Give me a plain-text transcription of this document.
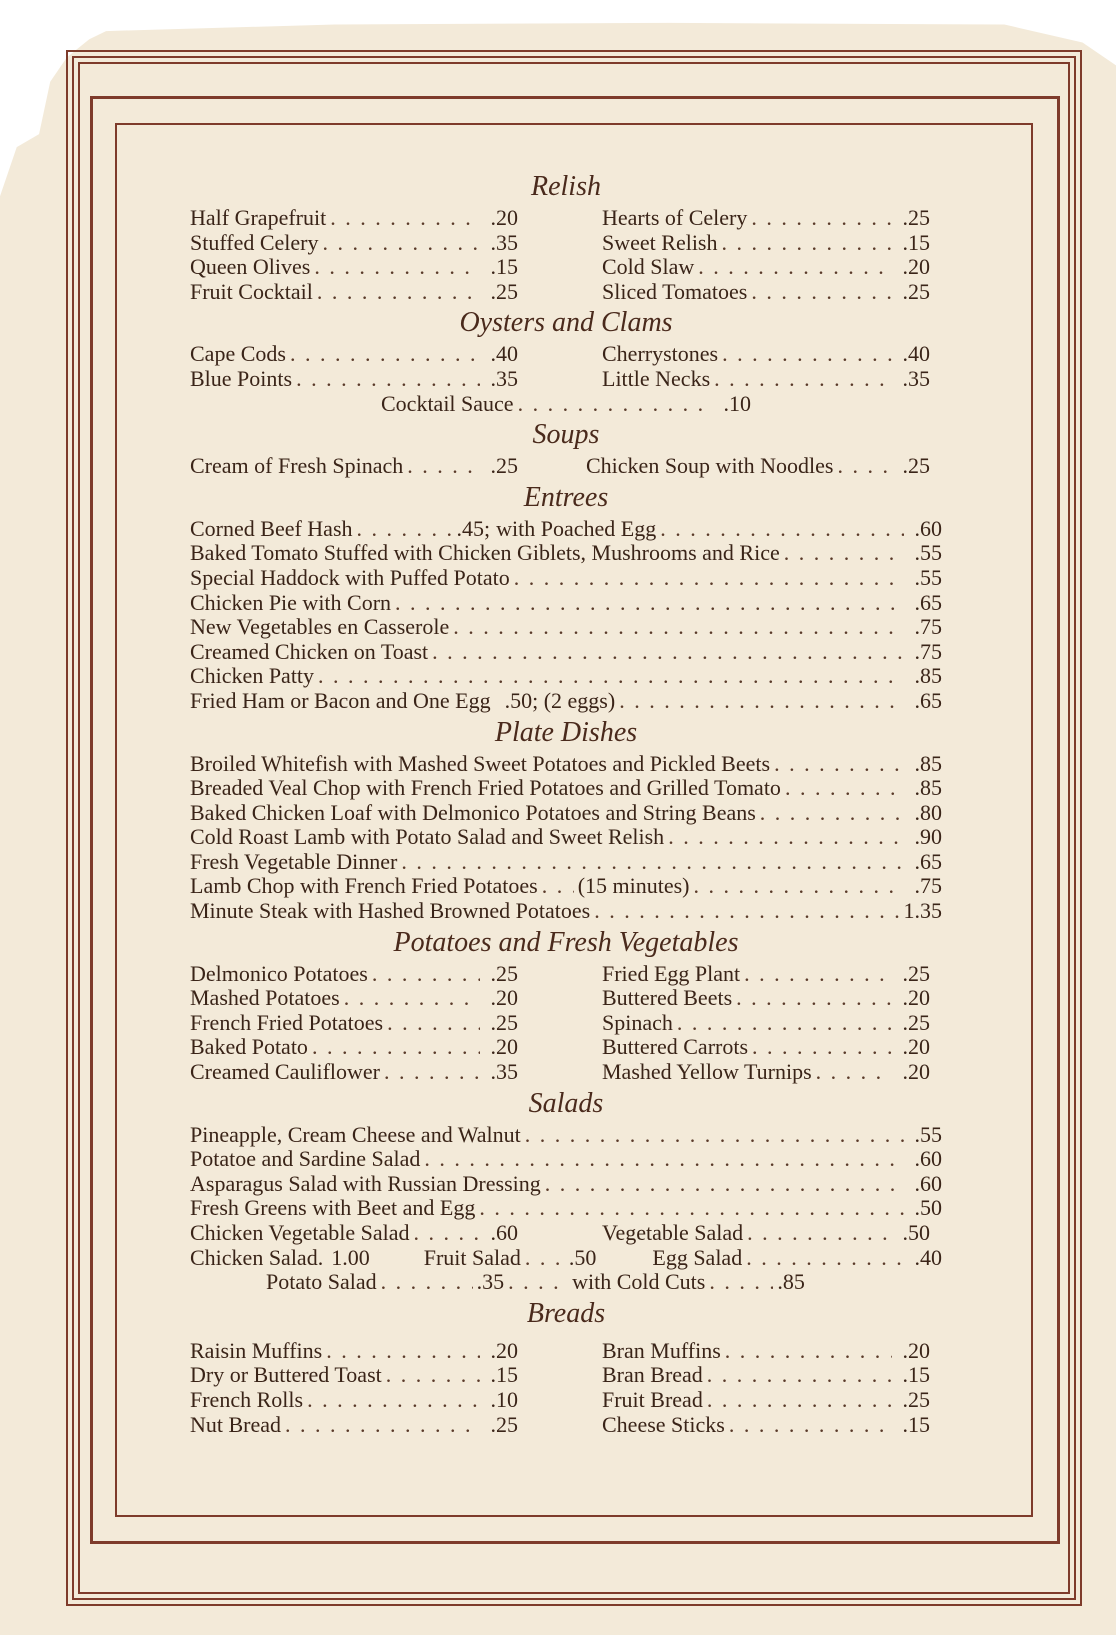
Relish
Half Grapefruit . . .	.20	Hearts of Celery . . .	.25
Stuffed Celery . . .	.35	Sweet Relish . . .	.15
Queen Olives . . .	.15	Cold Slaw . . .	.20
Fruit Cocktail . . .	.25	Sliced Tomatoes . . .	.25
Oysters and Clams
Cape Cods . . .	.40	Cherrystones . . .	.40
Blue Points . . .	.35	Little Necks . . .	.35
Cocktail Sauce . . .	.10
Soups
Cream of Fresh Spinach . . .	.25	Chicken Soup with Noodles . . .	.25
Entrees
Corned Beef Hash . . .	.45; with Poached Egg . . .	.60
Baked Tomato Stuffed with Chicken Giblets, Mushrooms and Rice . . .	.55
Special Haddock with Puffed Potato . . .	.55
Chicken Pie with Corn . . .	.65
New Vegetables en Casserole . . .	.75
Creamed Chicken on Toast . . .	.75
Chicken Patty . . .	.85
Fried Ham or Bacon and One Egg .50; (2 eggs) . . .	.65
Plate Dishes
Broiled Whitefish with Mashed Sweet Potatoes and Pickled Beets . . .	.85
Breaded Veal Chop with French Fried Potatoes and Grilled Tomato . . .	.85
Baked Chicken Loaf with Delmonico Potatoes and String Beans . . .	.80
Cold Roast Lamb with Potato Salad and Sweet Relish . . .	.90
Fresh Vegetable Dinner . . .	.65
Lamb Chop with French Fried Potatoes . . . (15 minutes) . . .	.75
Minute Steak with Hashed Browned Potatoes . . .	1.35
Potatoes and Fresh Vegetables
Delmonico Potatoes . . .	.25	Fried Egg Plant . . .	.25
Mashed Potatoes . . .	.20	Buttered Beets . . .	.20
French Fried Potatoes . . .	.25	Spinach . . .	.25
Baked Potato . . .	.20	Buttered Carrots . . .	.20
Creamed Cauliflower . . .	.35	Mashed Yellow Turnips . . .	.20
Salads
Pineapple, Cream Cheese and Walnut . . .	.55
Potatoe and Sardine Salad . . .	.60
Asparagus Salad with Russian Dressing . . .	.60
Fresh Greens with Beet and Egg . . .	.50
Chicken Vegetable Salad . . .	.60	Vegetable Salad . . .	.50
Chicken Salad. 1.00 Fruit Salad . . . .50	Egg Salad . . .	.40
Potato Salad . . .	.35 . . .	with Cold Cuts . . .	.85
Breads
Raisin Muffins . . .	.20	Bran Muffins . . .	.20
Dry or Buttered Toast . . .	.15	Bran Bread . . .	.15
French Rolls . . .	.10	Fruit Bread . . .	.25
Nut Bread . . .	.25	Cheese Sticks . . .	.15
